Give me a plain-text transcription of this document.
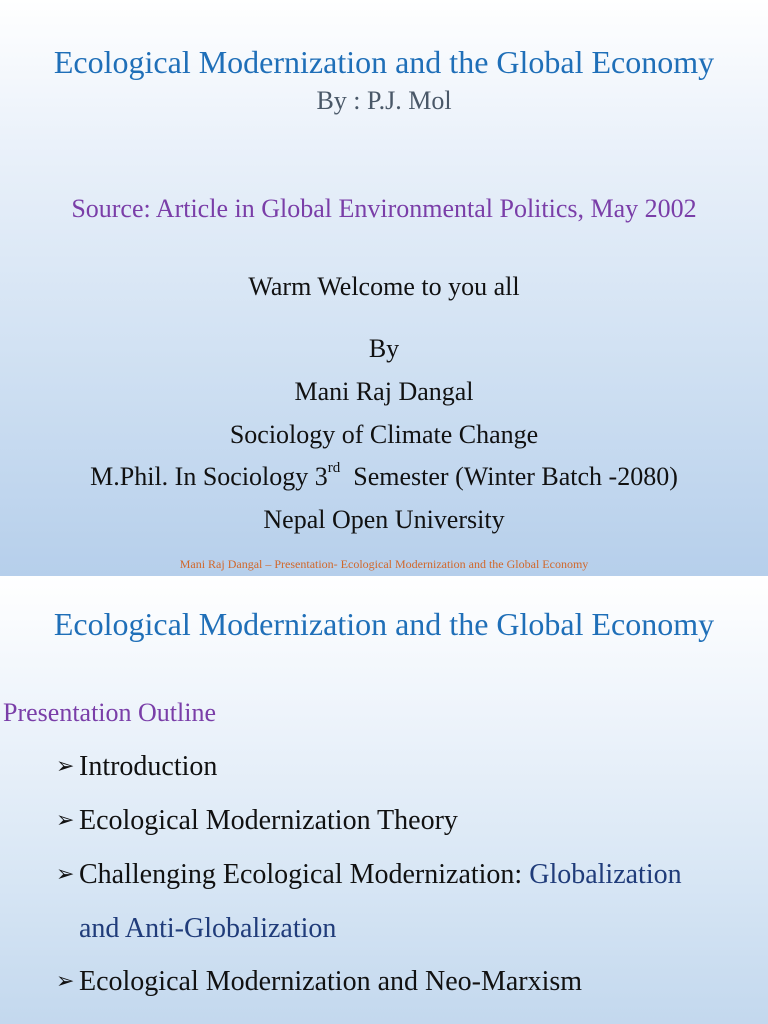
Ecological Modernization and the Global Economy
By : P.J. Mol
Source: Article in Global Environmental Politics, May 2002
Warm Welcome to you all
By
Mani Raj Dangal
Sociology of Climate Change
M.Phil. In Sociology 3rd  Semester (Winter Batch -2080)
Nepal Open University
Mani Raj Dangal – Presentation- Ecological Modernization and the Global Economy
Ecological Modernization and the Global Economy
Presentation Outline
➢ Introduction
➢ Ecological Modernization Theory
➢ Challenging Ecological Modernization: Globalization
and Anti-Globalization
➢ Ecological Modernization and Neo-Marxism
